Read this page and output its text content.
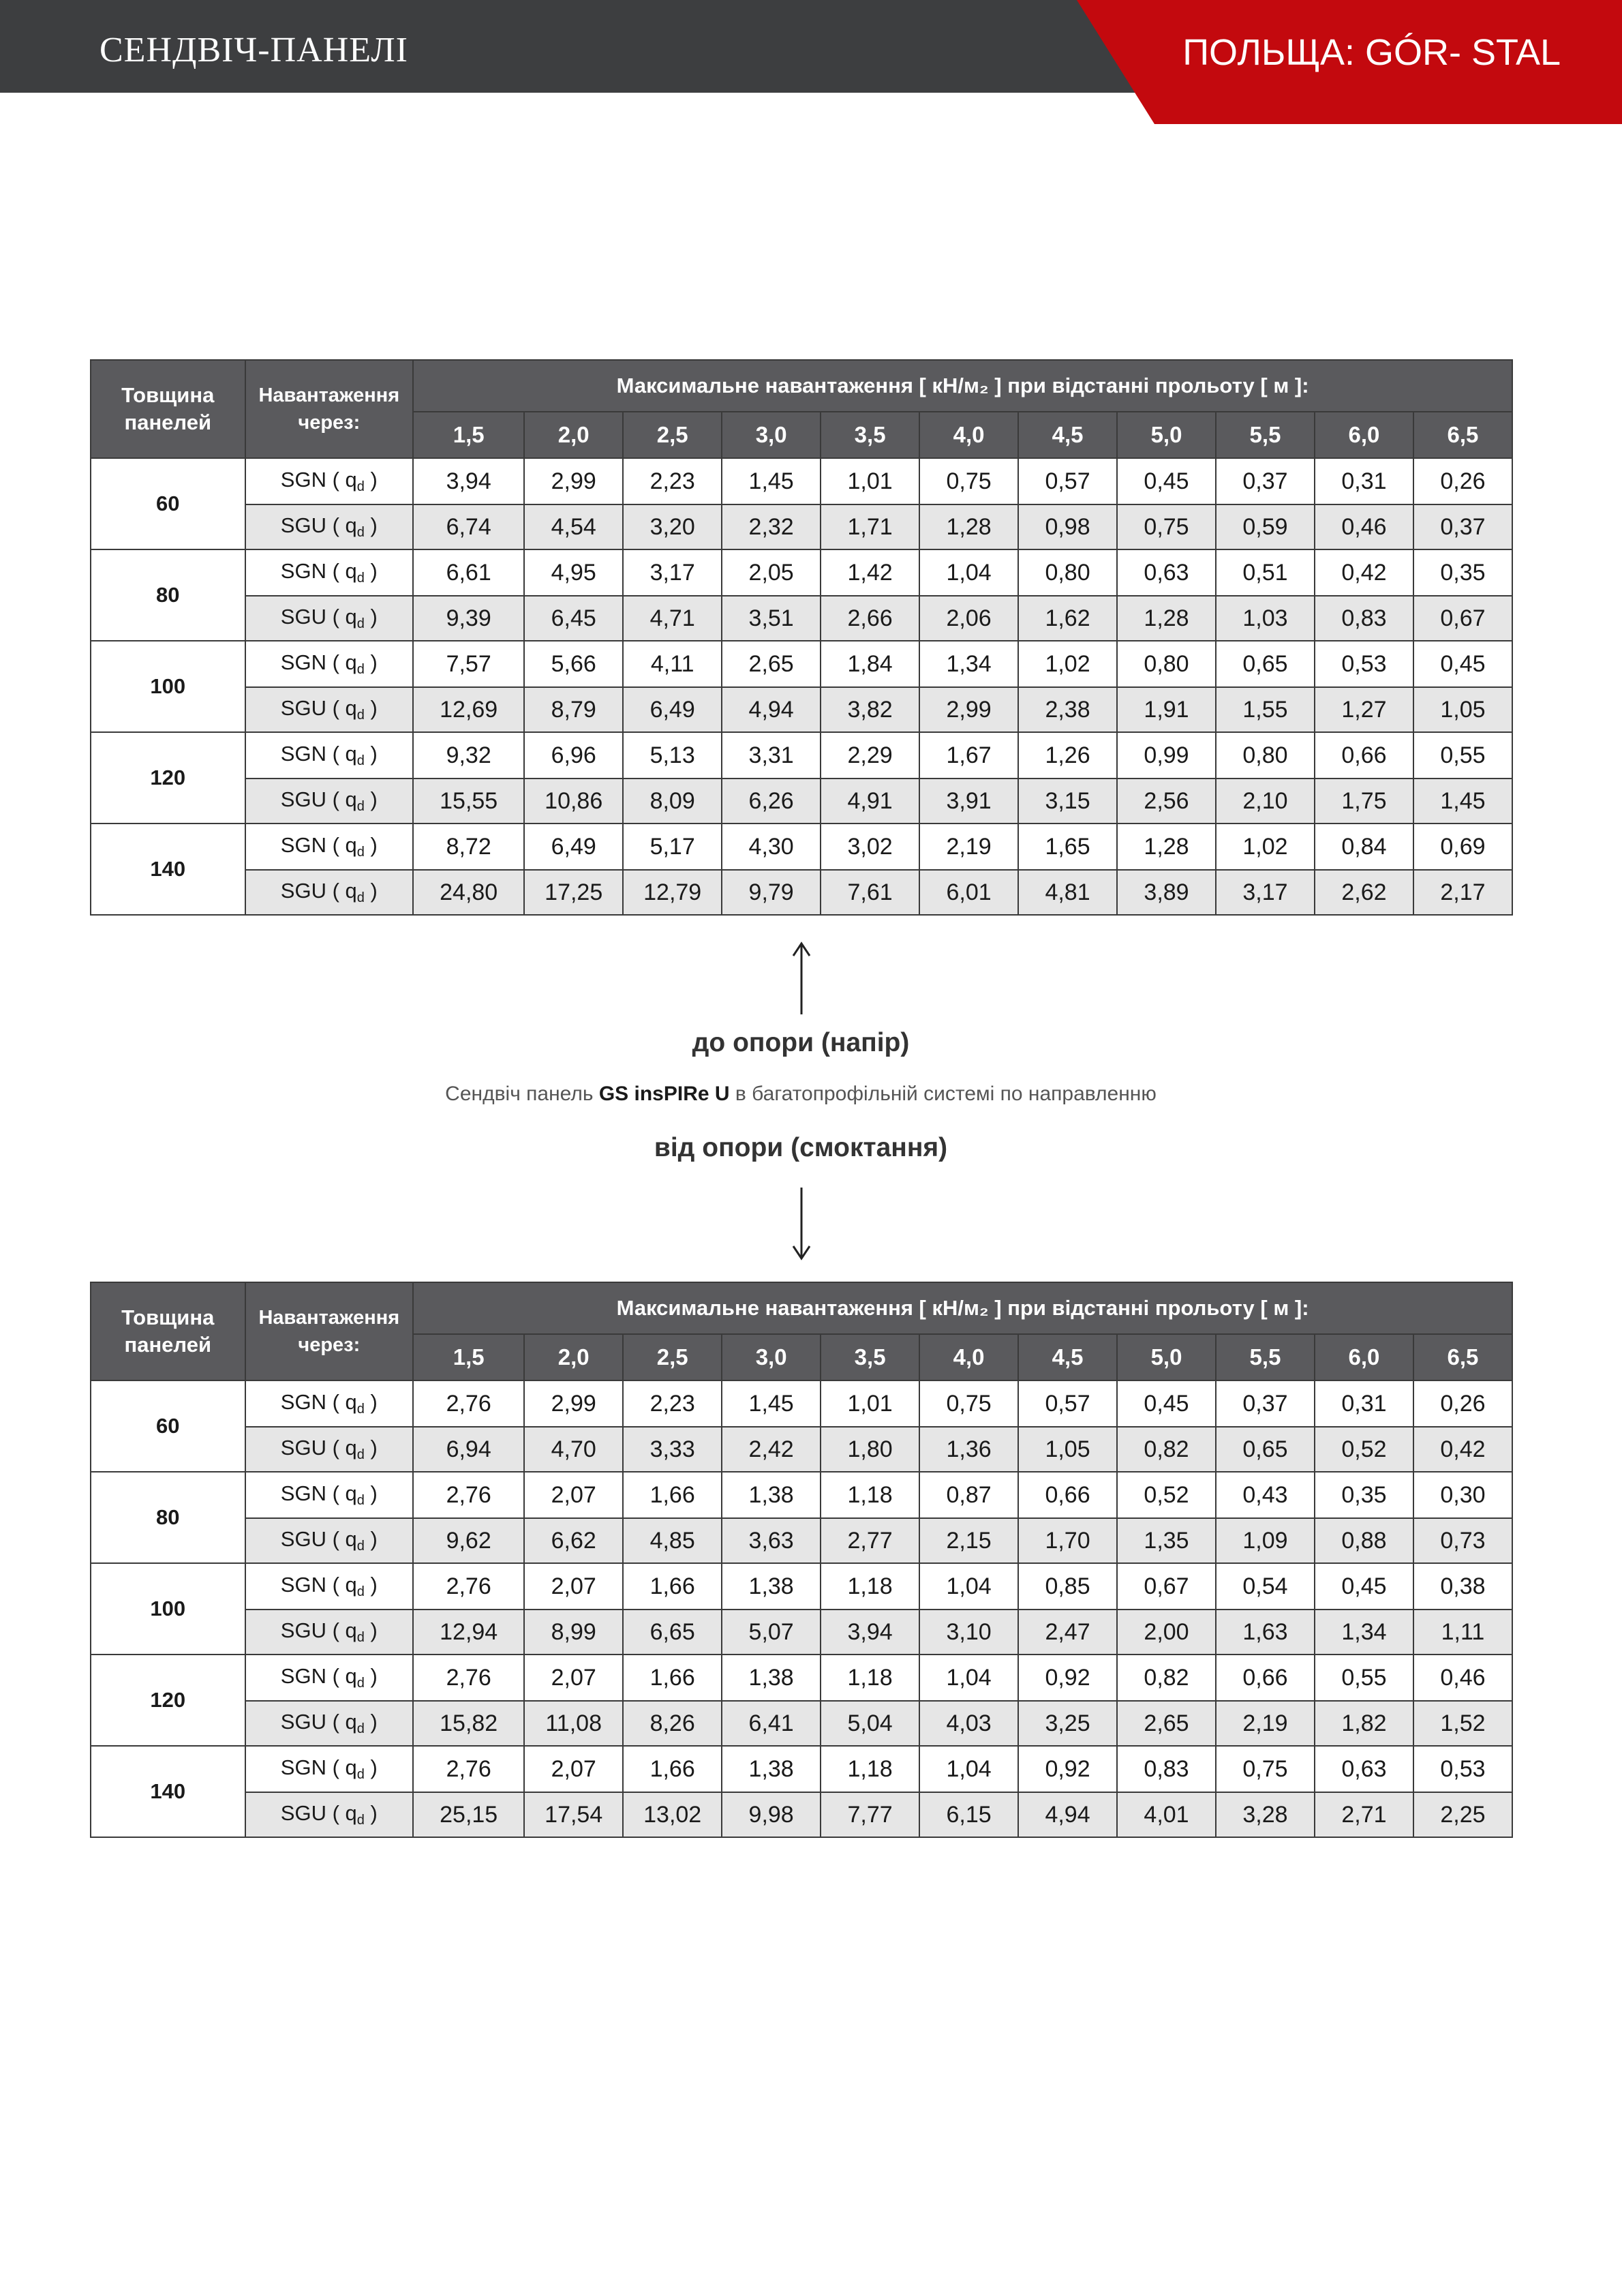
СЕНДВІЧ-ПАНЕЛІ	ПОЛЬЩА: GÓR- STAL
Товщина панелей	Навантаження через:	Максимальне навантаження [ кН/м₂ ] при відстанні прольоту [ м ]:										
		1,5	2,0	2,5	3,0	3,5	4,0	4,5	5,0	5,5	6,0	6,5
60	SGN ( $q_d$ )	3,94	2,99	2,23	1,45	1,01	0,75	0,57	0,45	0,37	0,31	0,26
	SGU ( $q_d$ )	6,74	4,54	3,20	2,32	1,71	1,28	0,98	0,75	0,59	0,46	0,37
80	SGN ( $q_d$ )	6,61	4,95	3,17	2,05	1,42	1,04	0,80	0,63	0,51	0,42	0,35
	SGU ( $q_d$ )	9,39	6,45	4,71	3,51	2,66	2,06	1,62	1,28	1,03	0,83	0,67
100	SGN ( $q_d$ )	7,57	5,66	4,11	2,65	1,84	1,34	1,02	0,80	0,65	0,53	0,45
	SGU ( $q_d$ )	12,69	8,79	6,49	4,94	3,82	2,99	2,38	1,91	1,55	1,27	1,05
120	SGN ( $q_d$ )	9,32	6,96	5,13	3,31	2,29	1,67	1,26	0,99	0,80	0,66	0,55
	SGU ( $q_d$ )	15,55	10,86	8,09	6,26	4,91	3,91	3,15	2,56	2,10	1,75	1,45
140	SGN ( $q_d$ )	8,72	6,49	5,17	4,30	3,02	2,19	1,65	1,28	1,02	0,84	0,69
	SGU ( $q_d$ )	24,80	17,25	12,79	9,79	7,61	6,01	4,81	3,89	3,17	2,62	2,17
до опори (напір)
Сендвіч панель GS insPIRe U в багатопрофільній системі по направленню
від опори (смоктання)
Товщина панелей	Навантаження через:	Максимальне навантаження [ кН/м₂ ] при відстанні прольоту [ м ]:										
		1,5	2,0	2,5	3,0	3,5	4,0	4,5	5,0	5,5	6,0	6,5
60	SGN ( $q_d$ )	2,76	2,99	2,23	1,45	1,01	0,75	0,57	0,45	0,37	0,31	0,26
	SGU ( $q_d$ )	6,94	4,70	3,33	2,42	1,80	1,36	1,05	0,82	0,65	0,52	0,42
80	SGN ( $q_d$ )	2,76	2,07	1,66	1,38	1,18	0,87	0,66	0,52	0,43	0,35	0,30
	SGU ( $q_d$ )	9,62	6,62	4,85	3,63	2,77	2,15	1,70	1,35	1,09	0,88	0,73
100	SGN ( $q_d$ )	2,76	2,07	1,66	1,38	1,18	1,04	0,85	0,67	0,54	0,45	0,38
	SGU ( $q_d$ )	12,94	8,99	6,65	5,07	3,94	3,10	2,47	2,00	1,63	1,34	1,11
120	SGN ( $q_d$ )	2,76	2,07	1,66	1,38	1,18	1,04	0,92	0,82	0,66	0,55	0,46
	SGU ( $q_d$ )	15,82	11,08	8,26	6,41	5,04	4,03	3,25	2,65	2,19	1,82	1,52
140	SGN ( $q_d$ )	2,76	2,07	1,66	1,38	1,18	1,04	0,92	0,83	0,75	0,63	0,53
	SGU ( $q_d$ )	25,15	17,54	13,02	9,98	7,77	6,15	4,94	4,01	3,28	2,71	2,25
